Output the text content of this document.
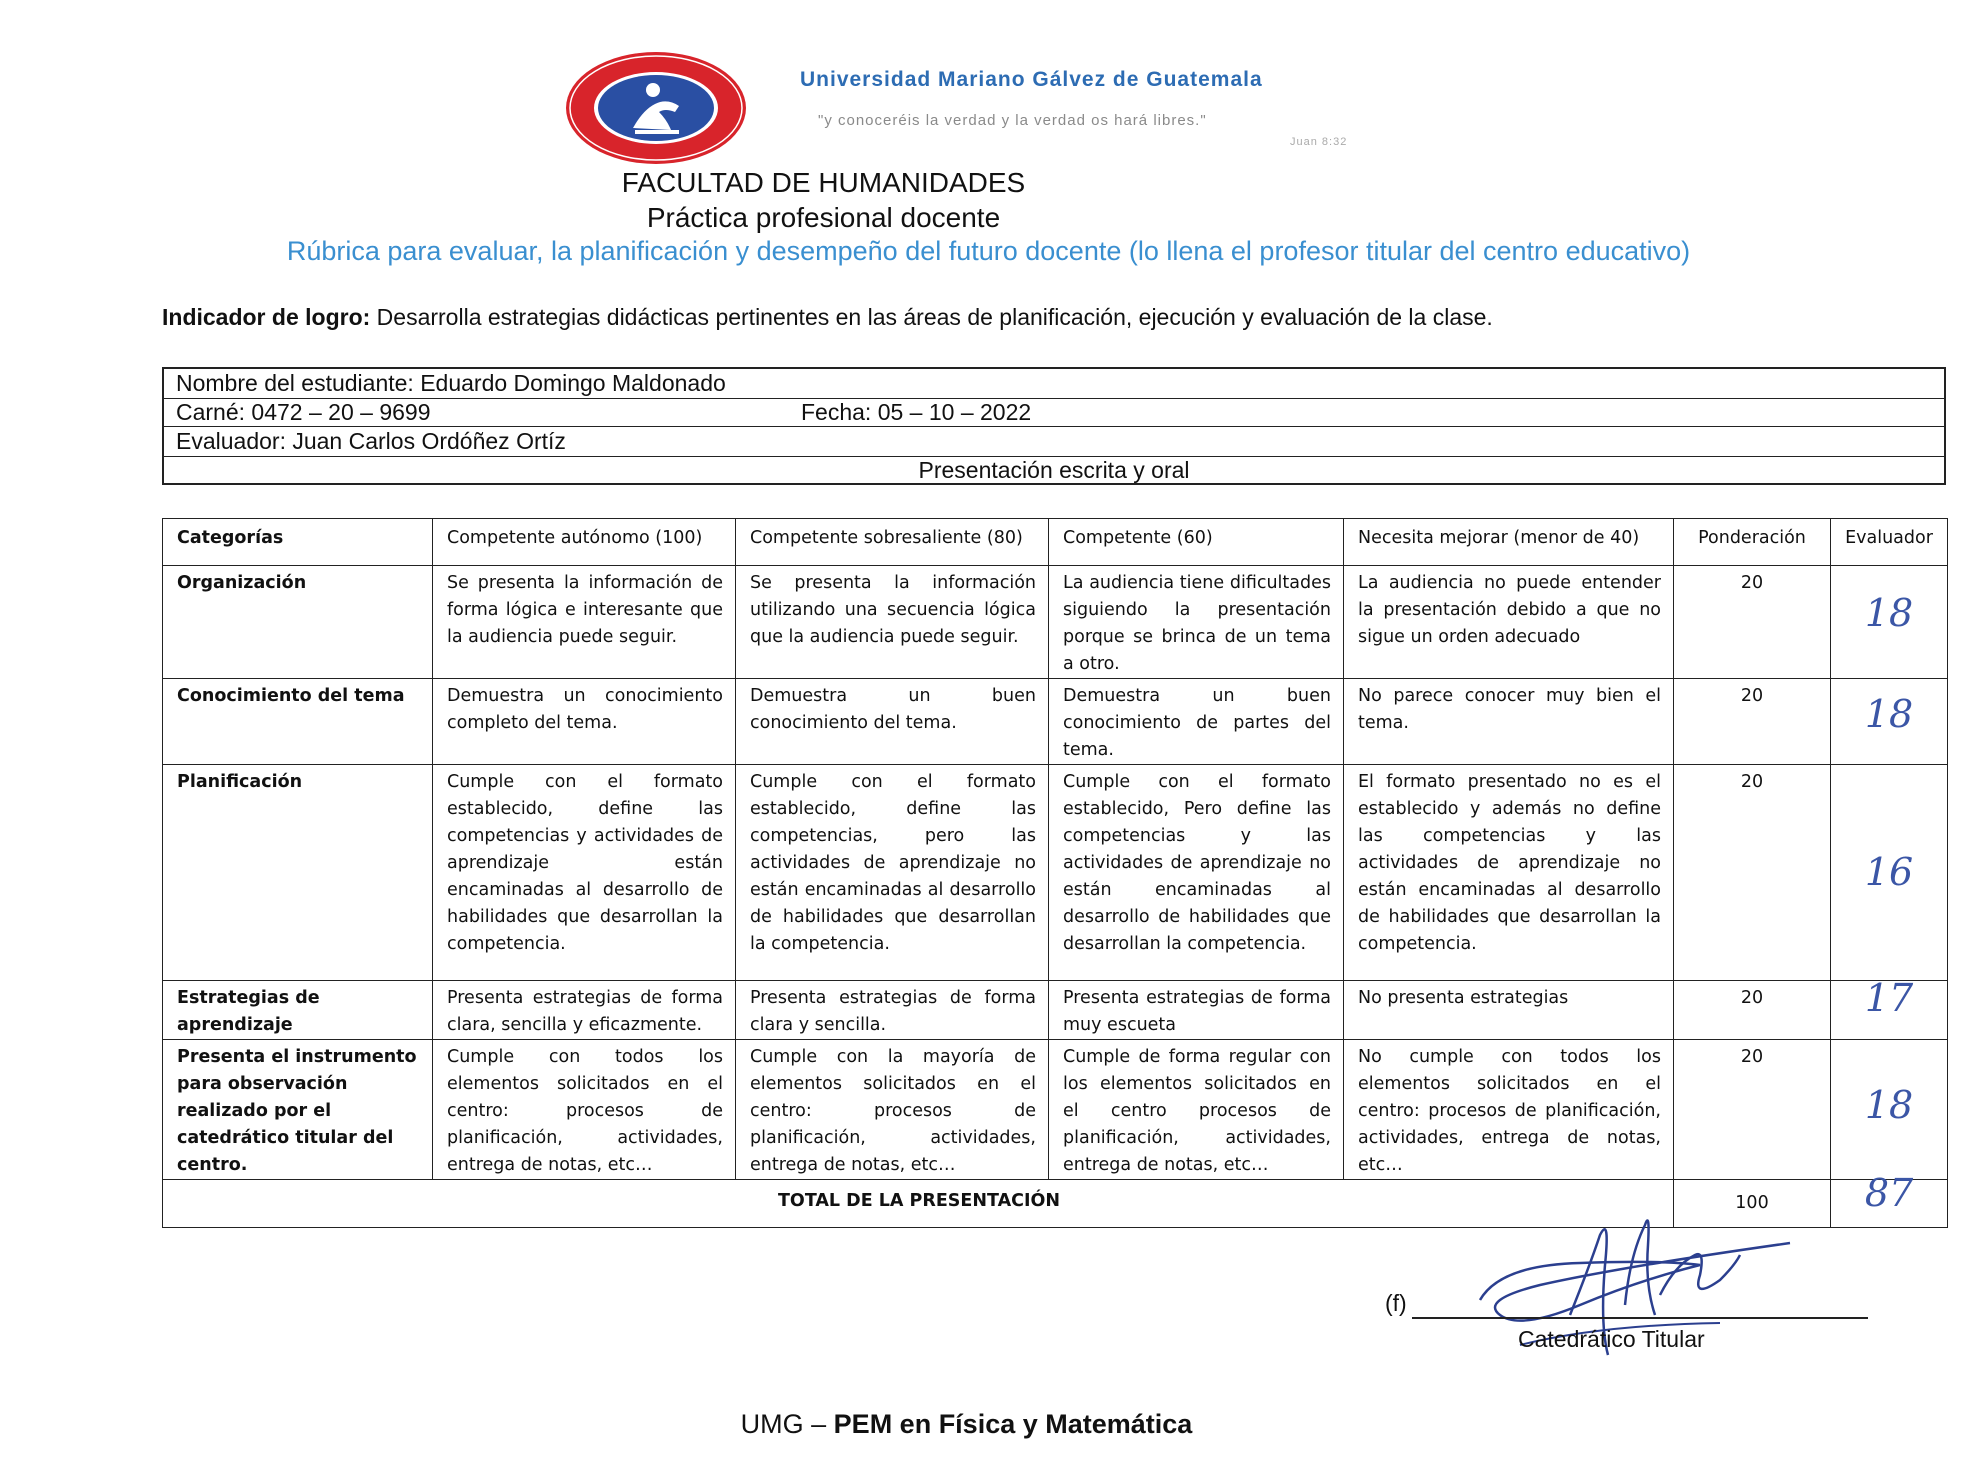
Universidad Mariano Gálvez de Guatemala
"y conoceréis la verdad y la verdad os hará libres."
Juan 8:32
FACULTAD DE HUMANIDADES
Práctica profesional docente
Rúbrica para evaluar, la planificación y desempeño del futuro docente (lo llena el profesor titular del centro educativo)
Indicador de logro: Desarrolla estrategias didácticas pertinentes en las áreas de planificación, ejecución y evaluación de la clase.
Nombre del estudiante: Eduardo Domingo Maldonado
Carné: 0472 – 20 – 9699	Fecha: 05 – 10 – 2022
Evaluador: Juan Carlos Ordóñez Ortíz
Presentación escrita y oral
Categorías	Competente autónomo (100)	Competente sobresaliente (80)	Competente (60)	Necesita mejorar (menor de 40)	Ponderación	Evaluador
Organización	Se presenta la información de forma lógica e interesante que la audiencia puede seguir.	Se presenta la información utilizando una secuencia lógica que la audiencia puede seguir.	La audiencia tiene dificultades siguiendo la presentación porque se brinca de un tema a otro.	La audiencia no puede entender la presentación debido a que no sigue un orden adecuado	20	18

Conocimiento del tema	Demuestra un conocimiento completo del tema.	Demuestra un buen conocimiento del tema.	Demuestra un buen conocimiento de partes del tema.	No parece conocer muy bien el tema.	20	18

Planificación	Cumple con el formato establecido, define las competencias y actividades de aprendizaje están encaminadas al desarrollo de habilidades que desarrollan la competencia.	Cumple con el formato establecido, define las competencias, pero las actividades de aprendizaje no están encaminadas al desarrollo de habilidades que desarrollan la competencia.	Cumple con el formato establecido, Pero define las competencias y las actividades de aprendizaje no están encaminadas al desarrollo de habilidades que desarrollan la competencia.	El formato presentado no es el establecido y además no define las competencias y las actividades de aprendizaje no están encaminadas al desarrollo de habilidades que desarrollan la competencia.	20	16

Estrategias de aprendizaje	Presenta estrategias de forma clara, sencilla y eficazmente.	Presenta estrategias de forma clara y sencilla.	Presenta estrategias de forma muy escueta	No presenta estrategias	20	17

Presenta el instrumento para observación realizado por el catedrático titular del centro.	Cumple con todos los elementos solicitados en el centro: procesos de planificación, actividades, entrega de notas, etc…	Cumple con la mayoría de elementos solicitados en el centro: procesos de planificación, actividades, entrega de notas, etc…	Cumple de forma regular con los elementos solicitados en el centro procesos de planificación, actividades, entrega de notas, etc…	No cumple con todos los elementos solicitados en el centro: procesos de planificación, actividades, entrega de notas, etc…	20	18

TOTAL DE LA PRESENTACIÓN					100	87
(f)
Catedrático Titular
UMG – PEM en Física y Matemática
